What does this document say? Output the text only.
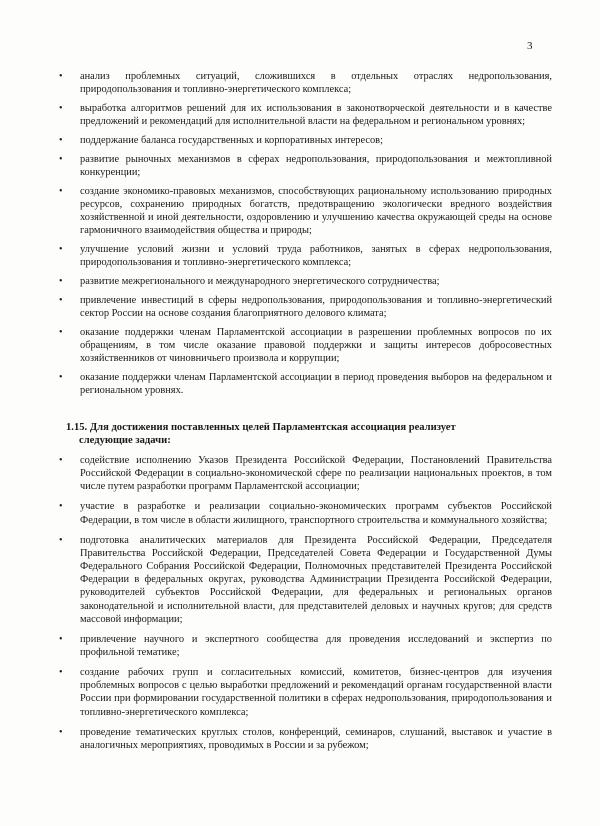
3
• анализ проблемных ситуаций, сложившихся в отдельных отраслях недропользования, природопользования и топливно-энергетического комплекса;
• выработка алгоритмов решений для их использования в законотворческой деятельности и в качестве предложений и рекомендаций для исполнительной власти на федеральном и региональном уровнях;
• поддержание баланса государственных и корпоративных интересов;
• развитие рыночных механизмов в сферах недропользования, природопользования и межтопливной конкуренции;
• создание экономико-правовых механизмов, способствующих рациональному использованию природных ресурсов, сохранению природных богатств, предотвращению экологически вредного воздействия хозяйственной и иной деятельности, оздоровлению и улучшению качества окружающей среды на основе гармоничного взаимодействия общества и природы;
• улучшение условий жизни и условий труда работников, занятых в сферах недропользования, природопользования и топливно-энергетического комплекса;
• развитие межрегионального и международного энергетического сотрудничества;
• привлечение инвестиций в сферы недропользования, природопользования и топливно-энергетический сектор России на основе создания благоприятного делового климата;
• оказание поддержки членам Парламентской ассоциации в разрешении проблемных вопросов по их обращениям, в том числе оказание правовой поддержки и защиты интересов добросовестных хозяйственников от чиновничьего произвола и коррупции;
• оказание поддержки членам Парламентской ассоциации в период проведения выборов на федеральном и региональном уровнях.
1.15. Для достижения поставленных целей Парламентская ассоциация реализует
следующие задачи:
• содействие исполнению Указов Президента Российской Федерации, Постановлений Правительства Российской Федерации в социально-экономической сфере по реализации национальных проектов, в том числе путем разработки программ Парламентской ассоциации;
• участие в разработке и реализации социально-экономических программ субъектов Российской Федерации, в том числе в области жилищного, транспортного строительства и коммунального хозяйства;
• подготовка аналитических материалов для Президента Российской Федерации, Председателя Правительства Российской Федерации, Председателей Совета Федерации и Государственной Думы Федерального Собрания Российской Федерации, Полномочных представителей Президента Российской Федерации в федеральных округах, руководства Администрации Президента Российской Федерации, руководителей субъектов Российской Федерации, для федеральных и региональных органов законодательной и исполнительной власти, для представителей деловых и научных кругов; для средств массовой информации;
• привлечение научного и экспертного сообщества для проведения исследований и экспертиз по профильной тематике;
• создание рабочих групп и согласительных комиссий, комитетов, бизнес-центров для изучения проблемных вопросов с целью выработки предложений и рекомендаций органам государственной власти России при формировании государственной политики в сферах недропользования, природопользования и топливно-энергетического комплекса;
• проведение тематических круглых столов, конференций, семинаров, слушаний, выставок и участие в аналогичных мероприятиях, проводимых в России и за рубежом;
